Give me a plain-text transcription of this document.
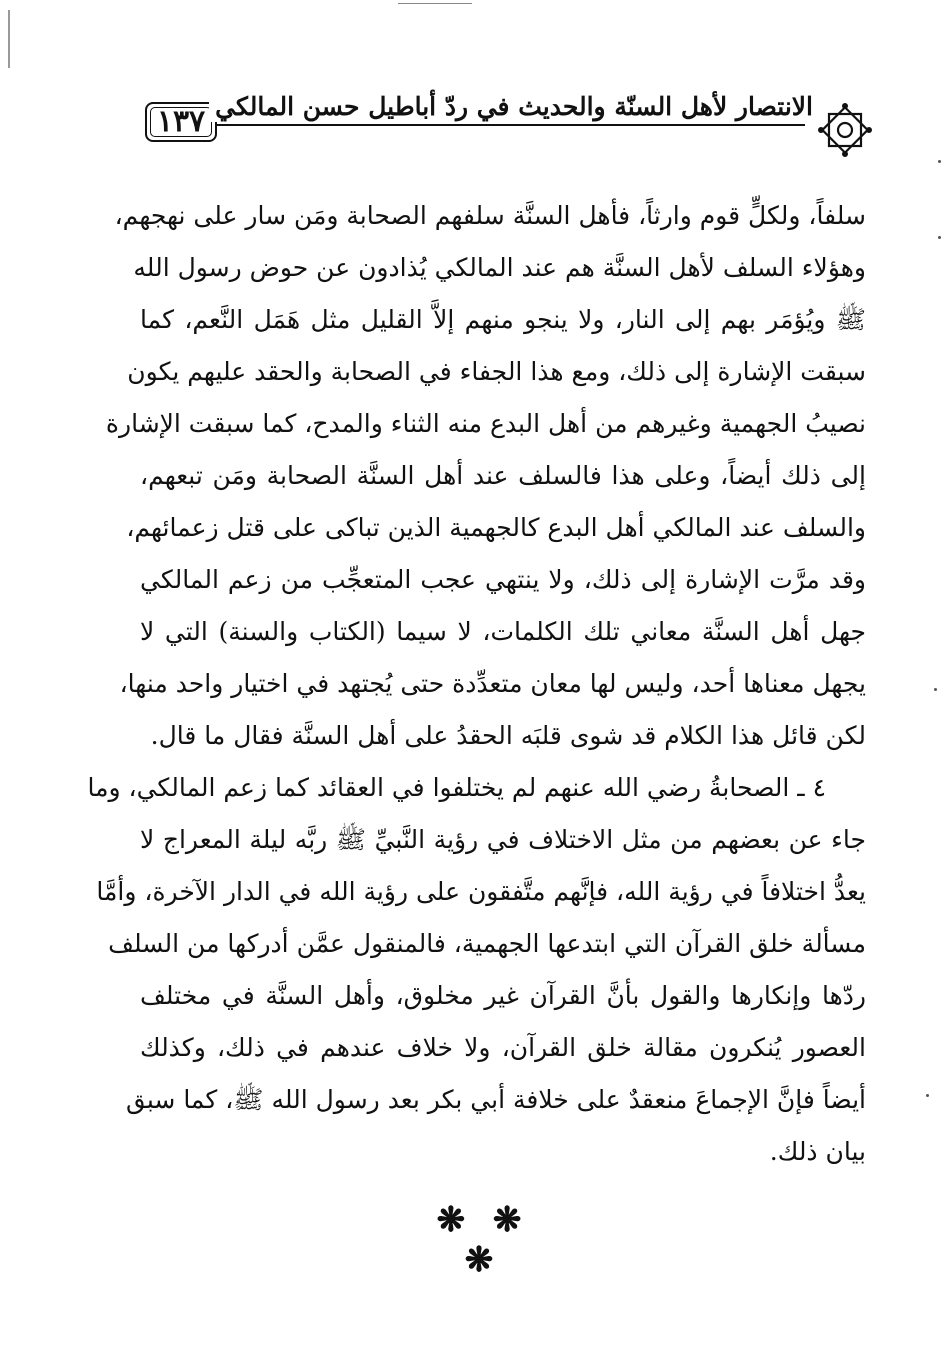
١٣٧ الانتصار لأهل السنّة والحديث في ردّ أباطيل حسن المالكي
سلفاً، ولكلٍّ قوم وارثاً، فأهل السنَّة سلفهم الصحابة ومَن سار على نهجهم،
وهؤلاء السلف لأهل السنَّة هم عند المالكي يُذادون عن حوض رسول الله
ﷺ ويُؤمَر بهم إلى النار، ولا ينجو منهم إلاَّ القليل مثل هَمَل النَّعم، كما
سبقت الإشارة إلى ذلك، ومع هذا الجفاء في الصحابة والحقد عليهم يكون
نصيبُ الجهمية وغيرهم من أهل البدع منه الثناء والمدح، كما سبقت الإشارة
إلى ذلك أيضاً، وعلى هذا فالسلف عند أهل السنَّة الصحابة ومَن تبعهم،
والسلف عند المالكي أهل البدع كالجهمية الذين تباكى على قتل زعمائهم،
وقد مرَّت الإشارة إلى ذلك، ولا ينتهي عجب المتعجِّب من زعم المالكي
جهل أهل السنَّة معاني تلك الكلمات، لا سيما (الكتاب والسنة) التي لا
يجهل معناها أحد، وليس لها معان متعدِّدة حتى يُجتهد في اختيار واحد منها،
لكن قائل هذا الكلام قد شوى قلبَه الحقدُ على أهل السنَّة فقال ما قال.
٤ ـ الصحابةُ رضي الله عنهم لم يختلفوا في العقائد كما زعم المالكي، وما
جاء عن بعضهم من مثل الاختلاف في رؤية النَّبيِّ ﷺ ربَّه ليلة المعراج لا
يعدُّ اختلافاً في رؤية الله، فإنَّهم متَّفقون على رؤية الله في الدار الآخرة، وأمَّا
مسألة خلق القرآن التي ابتدعها الجهمية، فالمنقول عمَّن أدركها من السلف
ردّها وإنكارها والقول بأنَّ القرآن غير مخلوق، وأهل السنَّة في مختلف
العصور يُنكرون مقالة خلق القرآن، ولا خلاف عندهم في ذلك، وكذلك
أيضاً فإنَّ الإجماعَ منعقدٌ على خلافة أبي بكر بعد رسول الله ﷺ، كما سبق
بيان ذلك.
❋ ❋ ❋
